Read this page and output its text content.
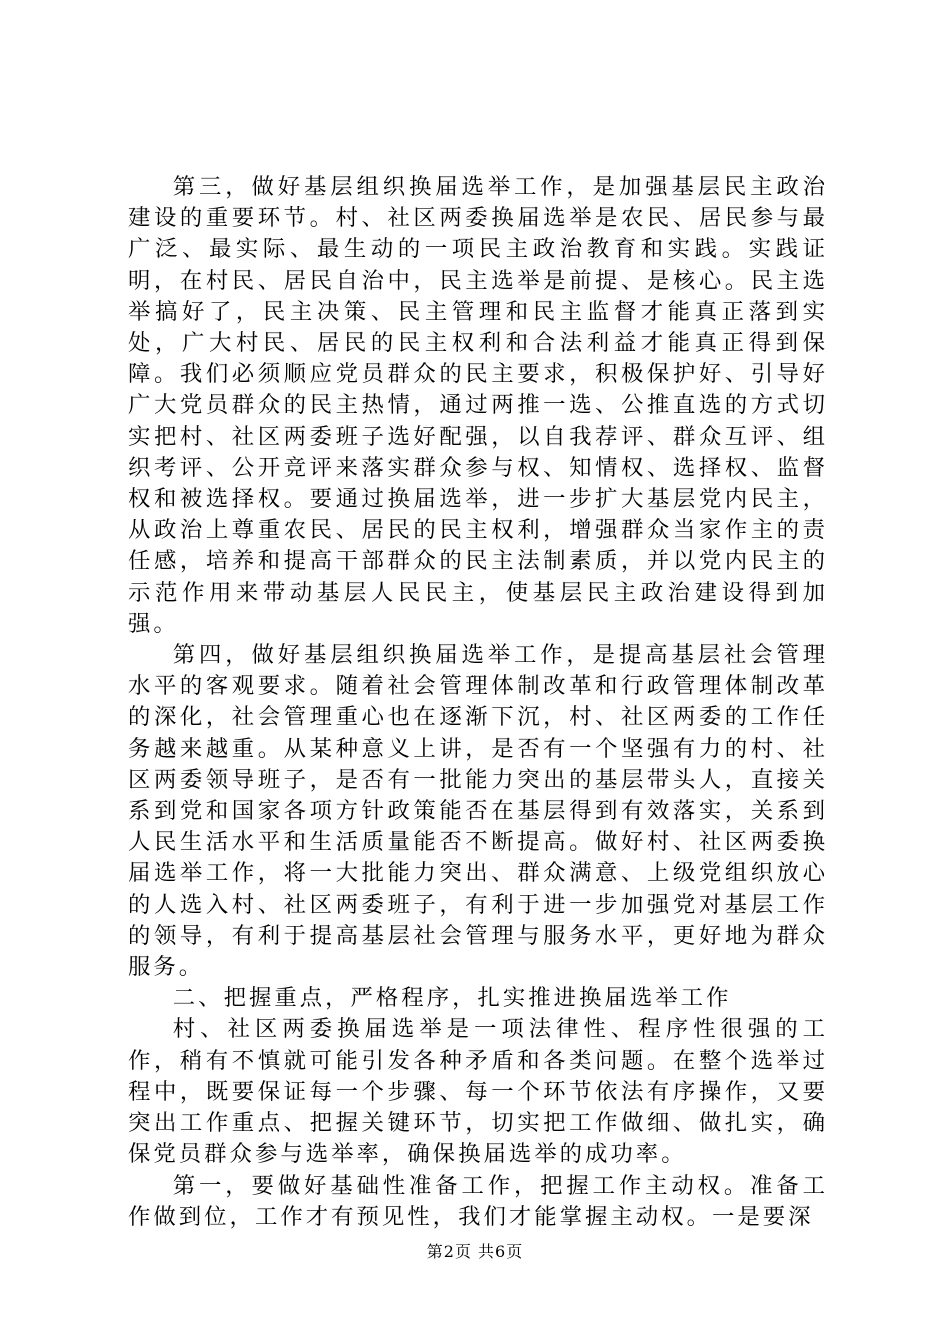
第三，做好基层组织换届选举工作，是加强基层民主政治建设的重要环节。村、社区两委换届选举是农民、居民参与最广泛、最实际、最生动的一项民主政治教育和实践。实践证明，在村民、居民自治中，民主选举是前提、是核心。民主选举搞好了，民主决策、民主管理和民主监督才能真正落到实处，广大村民、居民的民主权利和合法利益才能真正得到保障。我们必须顺应党员群众的民主要求，积极保护好、引导好广大党员群众的民主热情，通过两推一选、公推直选的方式切实把村、社区两委班子选好配强，以自我荐评、群众互评、组织考评、公开竞评来落实群众参与权、知情权、选择权、监督权和被选择权。要通过换届选举，进一步扩大基层党内民主，从政治上尊重农民、居民的民主权利，增强群众当家作主的责任感，培养和提高干部群众的民主法制素质，并以党内民主的示范作用来带动基层人民民主，使基层民主政治建设得到加强。

第四，做好基层组织换届选举工作，是提高基层社会管理水平的客观要求。随着社会管理体制改革和行政管理体制改革的深化，社会管理重心也在逐渐下沉，村、社区两委的工作任务越来越重。从某种意义上讲，是否有一个坚强有力的村、社区两委领导班子，是否有一批能力突出的基层带头人，直接关系到党和国家各项方针政策能否在基层得到有效落实，关系到人民生活水平和生活质量能否不断提高。做好村、社区两委换届选举工作，将一大批能力突出、群众满意、上级党组织放心的人选入村、社区两委班子，有利于进一步加强党对基层工作的领导，有利于提高基层社会管理与服务水平，更好地为群众服务。

二、把握重点，严格程序，扎实推进换届选举工作

村、社区两委换届选举是一项法律性、程序性很强的工作，稍有不慎就可能引发各种矛盾和各类问题。在整个选举过程中，既要保证每一个步骤、每一个环节依法有序操作，又要突出工作重点、把握关键环节，切实把工作做细、做扎实，确保党员群众参与选举率，确保换届选举的成功率。

第一，要做好基础性准备工作，把握工作主动权。准备工作做到位，工作才有预见性，我们才能掌握主动权。一是要深

第2页 共6页
